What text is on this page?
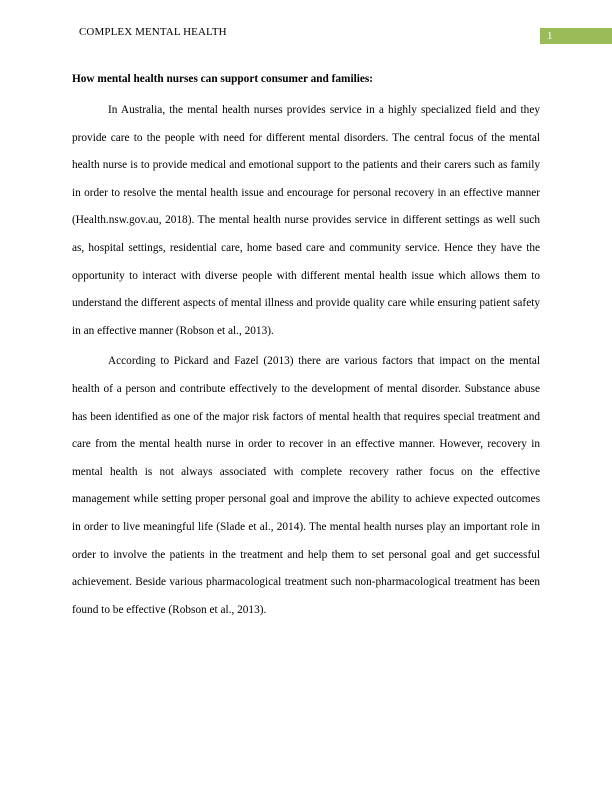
COMPLEX MENTAL HEALTH	1

How mental health nurses can support consumer and families:

In Australia, the mental health nurses provides service in a highly specialized field and they provide care to the people with need for different mental disorders. The central focus of the mental health nurse is to provide medical and emotional support to the patients and their carers such as family in order to resolve the mental health issue and encourage for personal recovery in an effective manner (Health.nsw.gov.au, 2018). The mental health nurse provides service in different settings as well such as, hospital settings, residential care, home based care and community service. Hence they have the opportunity to interact with diverse people with different mental health issue which allows them to understand the different aspects of mental illness and provide quality care while ensuring patient safety in an effective manner (Robson et al., 2013).

According to Pickard and Fazel (2013) there are various factors that impact on the mental health of a person and contribute effectively to the development of mental disorder. Substance abuse has been identified as one of the major risk factors of mental health that requires special treatment and care from the mental health nurse in order to recover in an effective manner. However, recovery in mental health is not always associated with complete recovery rather focus on the effective management while setting proper personal goal and improve the ability to achieve expected outcomes in order to live meaningful life (Slade et al., 2014). The mental health nurses play an important role in order to involve the patients in the treatment and help them to set personal goal and get successful achievement. Beside various pharmacological treatment such non-pharmacological treatment has been found to be effective (Robson et al., 2013).
